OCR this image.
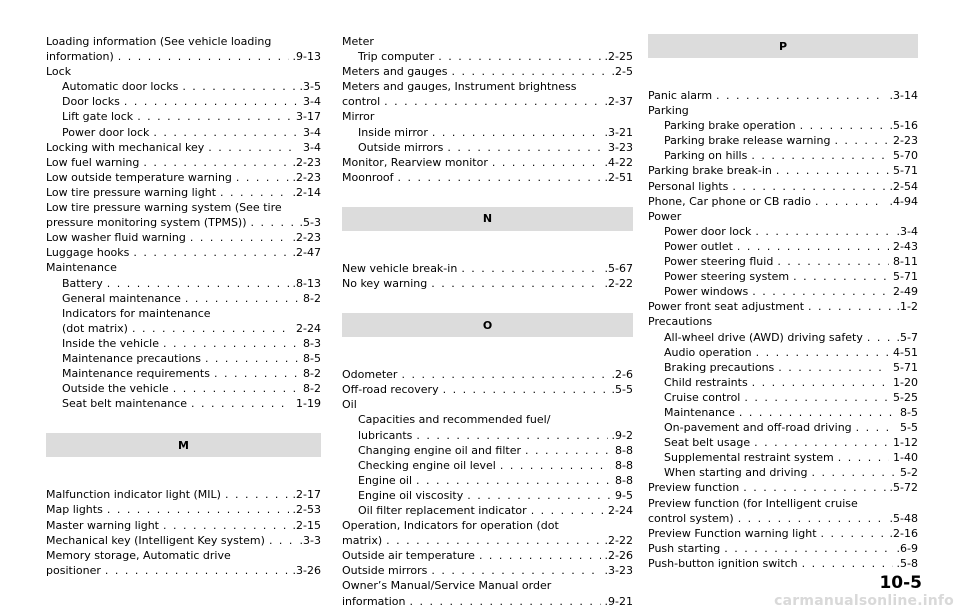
Loading information (See vehicle loading
information) . . .	.9-13
Lock
Automatic door locks . . .	.3-5
Door locks . . .	3-4
Lift gate lock . . .	3-17
Power door lock . . .	3-4
Locking with mechanical key . . .	3-4
Low fuel warning . . .	.2-23
Low outside temperature warning . . .	.2-23
Low tire pressure warning light . . .	.2-14
Low tire pressure warning system (See tire
pressure monitoring system (TPMS)) . . .	.5-3
Low washer fluid warning . . .	.2-23
Luggage hooks . . .	.2-47
Maintenance
Battery . . .	.8-13
General maintenance . . .	8-2
Indicators for maintenance
(dot matrix) . . .	2-24
Inside the vehicle . . .	8-3
Maintenance precautions . . .	8-5
Maintenance requirements . . .	8-2
Outside the vehicle . . .	8-2
Seat belt maintenance . . .	1-19
M
Malfunction indicator light (MIL) . . .	.2-17
Map lights . . .	.2-53
Master warning light . . .	.2-15
Mechanical key (Intelligent Key system) . . .	.3-3
Memory storage, Automatic drive
positioner . . .	.3-26
Meter
Trip computer . . .	.2-25
Meters and gauges . . .	.2-5
Meters and gauges, Instrument brightness
control . . .	.2-37
Mirror
Inside mirror . . .	.3-21
Outside mirrors . . .	3-23
Monitor, Rearview monitor . . .	.4-22
Moonroof . . .	.2-51
N
New vehicle break-in . . .	.5-67
No key warning . . .	.2-22
O
Odometer . . .	.2-6
Off-road recovery . . .	.5-5
Oil
Capacities and recommended fuel/
lubricants . . .	.9-2
Changing engine oil and filter . . .	8-8
Checking engine oil level . . .	8-8
Engine oil . . .	8-8
Engine oil viscosity . . .	9-5
Oil filter replacement indicator . . .	2-24
Operation, Indicators for operation (dot
matrix) . . .	.2-22
Outside air temperature . . .	.2-26
Outside mirrors . . .	.3-23
Owner’s Manual/Service Manual order
information . . .	.9-21
P
Panic alarm . . .	.3-14
Parking
Parking brake operation . . .	.5-16
Parking brake release warning . . .	2-23
Parking on hills . . .	5-70
Parking brake break-in . . .	5-71
Personal lights . . .	.2-54
Phone, Car phone or CB radio . . .	.4-94
Power
Power door lock . . .	.3-4
Power outlet . . .	2-43
Power steering fluid . . .	8-11
Power steering system . . .	5-71
Power windows . . .	2-49
Power front seat adjustment . . .	.1-2
Precautions
All-wheel drive (AWD) driving safety . . .	.5-7
Audio operation . . .	4-51
Braking precautions . . .	5-71
Child restraints . . .	1-20
Cruise control . . .	5-25
Maintenance . . .	8-5
On-pavement and off-road driving . . .	5-5
Seat belt usage . . .	1-12
Supplemental restraint system . . .	1-40
When starting and driving . . .	5-2
Preview function . . .	.5-72
Preview function (for Intelligent cruise
control system) . . .	.5-48
Preview Function warning light . . .	.2-16
Push starting . . .	.6-9
Push-button ignition switch . . .	.5-8
10-5
carmanualsonline.info
